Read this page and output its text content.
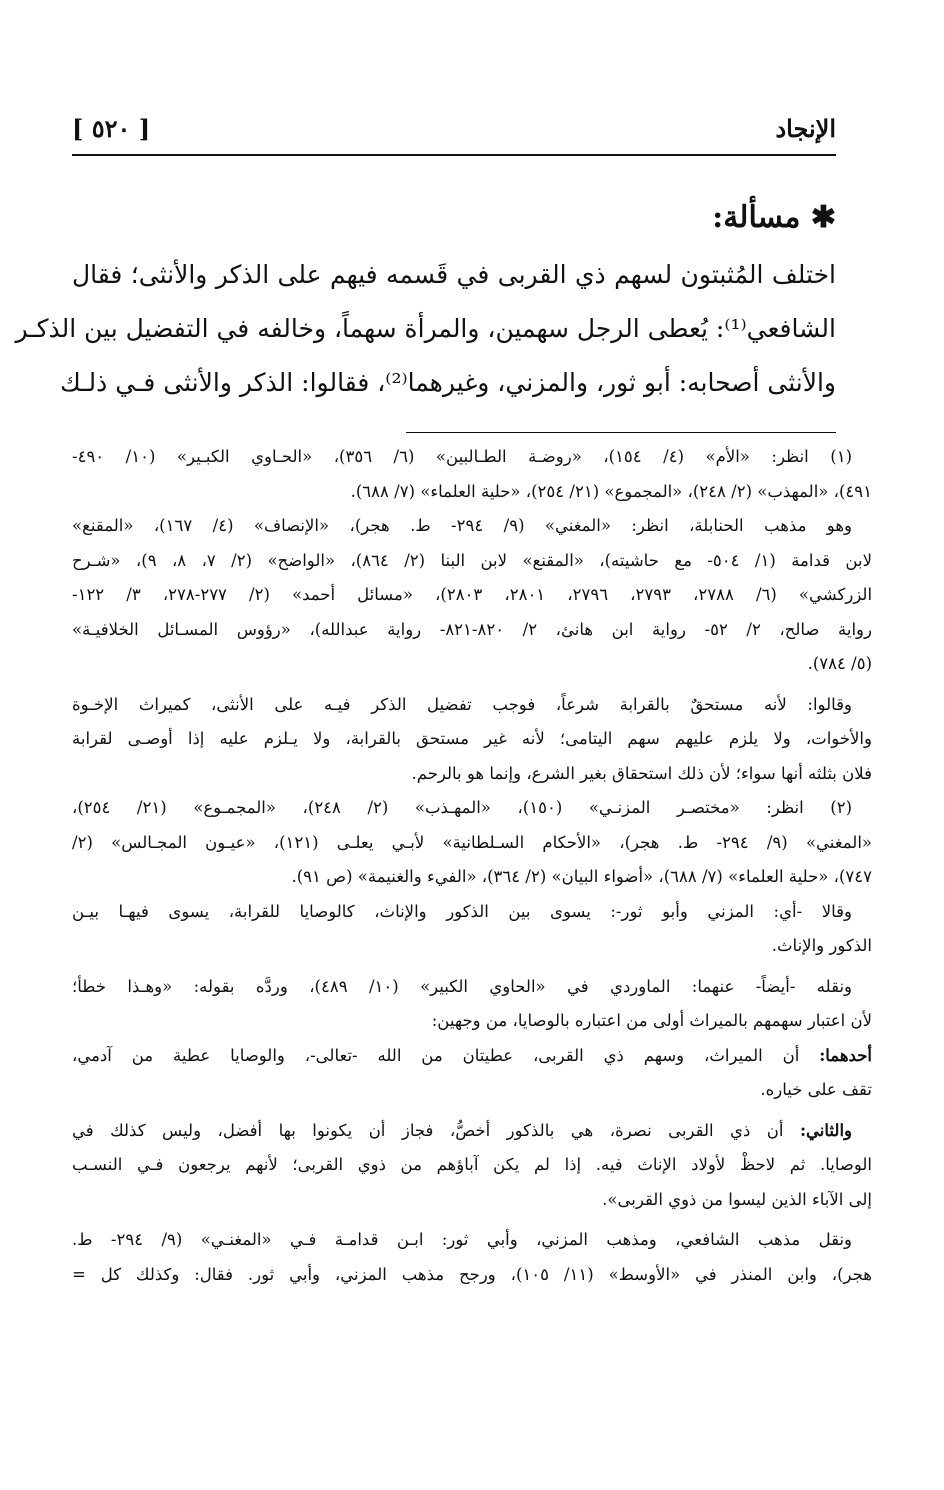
الإنجاد
[ ٥٢٠ ]
✱ مسألة:
اختلف المُثبتون لسهم ذي القربى في قَسمه فيهم على الذكر والأنثى؛ فقال
الشافعي⁽¹⁾: يُعطى الرجل سهمين، والمرأة سهماً، وخالفه في التفضيل بين الذكـر
والأنثى أصحابه: أبو ثور، والمزني، وغيرهما⁽²⁾، فقالوا: الذكر والأنثى فـي ذلـك
(١) انظر: «الأم» (٤/ ١٥٤)، «روضـة الطـالبين» (٦/ ٣٥٦)، «الحـاوي الكبـير» (١٠/ ٤٩٠-
٤٩١)، «المهذب» (٢/ ٢٤٨)، «المجموع» (٢١/ ٢٥٤)، «حلية العلماء» (٧/ ٦٨٨).
وهو مذهب الحنابلة، انظر: «المغني» (٩/ ٢٩٤- ط. هجر)، «الإنصاف» (٤/ ١٦٧)، «المقنع»
لابن قدامة (١/ ٥٠٤- مع حاشيته)، «المقنع» لابن البنا (٢/ ٨٦٤)، «الواضح» (٢/ ٧، ٨، ٩)، «شـرح
الزركشي» (٦/ ٢٧٨٨، ٢٧٩٣، ٢٧٩٦، ٢٨٠١، ٢٨٠٣)، «مسائل أحمد» (٢/ ٢٧٧-٢٧٨، ٣/ ١٢٢-
رواية صالح، ٢/ ٥٢- رواية ابن هانئ، ٢/ ٨٢٠-٨٢١- رواية عبدالله)، «رؤوس المسـائل الخلافيـة»
(٥/ ٧٨٤).
وقالوا: لأنه مستحقٌ بالقرابة شرعاً، فوجب تفضيل الذكر فيـه على الأنثى، كميراث الإخـوة
والأخوات، ولا يلزم عليهم سهم اليتامى؛ لأنه غير مستحق بالقرابة، ولا يـلزم عليه إذا أوصـى لقرابة
فلان بثلثه أنها سواء؛ لأن ذلك استحقاق بغير الشرع، وإنما هو بالرحم.
(٢) انظر: «مختصـر المزنـي» (١٥٠)، «المهـذب» (٢/ ٢٤٨)، «المجمـوع» (٢١/ ٢٥٤)،
«المغني» (٩/ ٢٩٤- ط. هجر)، «الأحكام السـلطانية» لأبـي يعلـى (١٢١)، «عيـون المجـالس» (٢/
٧٤٧)، «حلية العلماء» (٧/ ٦٨٨)، «أضواء البيان» (٢/ ٣٦٤)، «الفيء والغنيمة» (ص ٩١).
وقالا -أي: المزني وأبو ثور-: يسوى بين الذكور والإناث، كالوصايا للقرابة، يسوى فيهـا بيـن
الذكور والإناث.
ونقله -أيضاً- عنهما: الماوردي في «الحاوي الكبير» (١٠/ ٤٨٩)، وردَّه بقوله: «وهـذا خطأ؛
لأن اعتبار سهمهم بالميراث أولى من اعتباره بالوصايا، من وجهين:
أحدهما: أن الميراث، وسهم ذي القربى، عطيتان من الله -تعالى-، والوصايا عطية من آدمي،
تقف على خياره.
والثاني: أن ذي القربى نصرة، هي بالذكور أخصُّ، فجاز أن يكونوا بها أفضل، وليس كذلك في
الوصايا. ثم لاحظْ لأولاد الإناث فيه. إذا لم يكن آباؤهم من ذوي القربى؛ لأنهم يرجعون فـي النسـب
إلى الآباء الذين ليسوا من ذوي القربى».
ونقل مذهب الشافعي، ومذهب المزني، وأبي ثور: ابـن قدامـة فـي «المغنـي» (٩/ ٢٩٤- ط.
هجر)، وابن المنذر في «الأوسط» (١١/ ١٠٥)، ورجح مذهب المزني، وأبي ثور. فقال: وكذلك كل =
